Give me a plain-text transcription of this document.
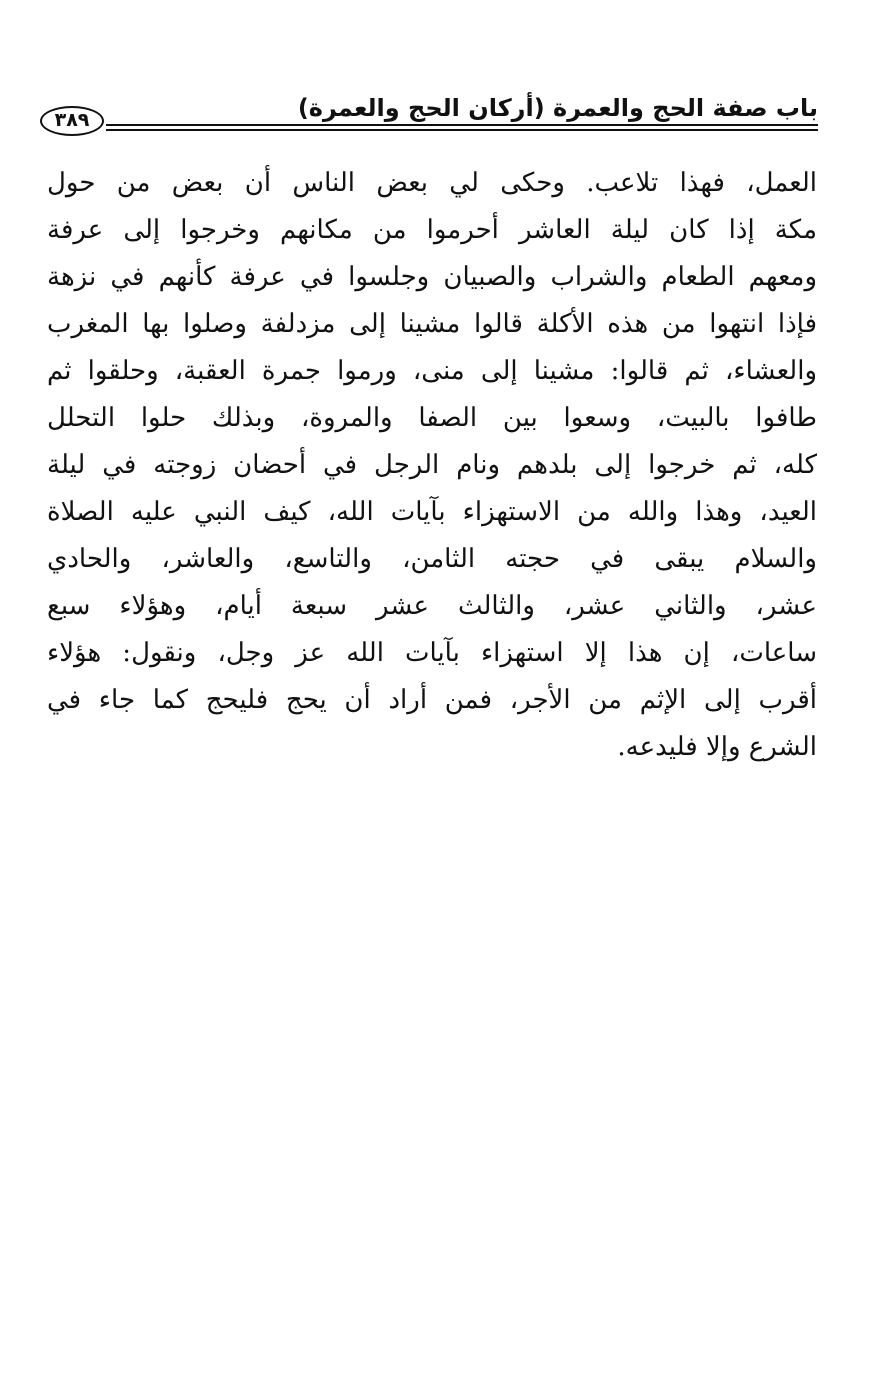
باب صفة الحج والعمرة (أركان الحج والعمرة)
٣٨٩
العمل، فهذا تلاعب. وحكى لي بعض الناس أن بعض من حول
مكة إذا كان ليلة العاشر أحرموا من مكانهم وخرجوا إلى عرفة
ومعهم الطعام والشراب والصبيان وجلسوا في عرفة كأنهم في نزهة
فإذا انتهوا من هذه الأكلة قالوا مشينا إلى مزدلفة وصلوا بها المغرب
والعشاء، ثم قالوا: مشينا إلى منى، ورموا جمرة العقبة، وحلقوا ثم
طافوا بالبيت، وسعوا بين الصفا والمروة، وبذلك حلوا التحلل
كله، ثم خرجوا إلى بلدهم ونام الرجل في أحضان زوجته في ليلة
العيد، وهذا والله من الاستهزاء بآيات الله، كيف النبي عليه الصلاة
والسلام يبقى في حجته الثامن، والتاسع، والعاشر، والحادي
عشر، والثاني عشر، والثالث عشر سبعة أيام، وهؤلاء سبع
ساعات، إن هذا إلا استهزاء بآيات الله عز وجل، ونقول: هؤلاء
أقرب إلى الإثم من الأجر، فمن أراد أن يحج فليحج كما جاء في
الشرع وإلا فليدعه.
